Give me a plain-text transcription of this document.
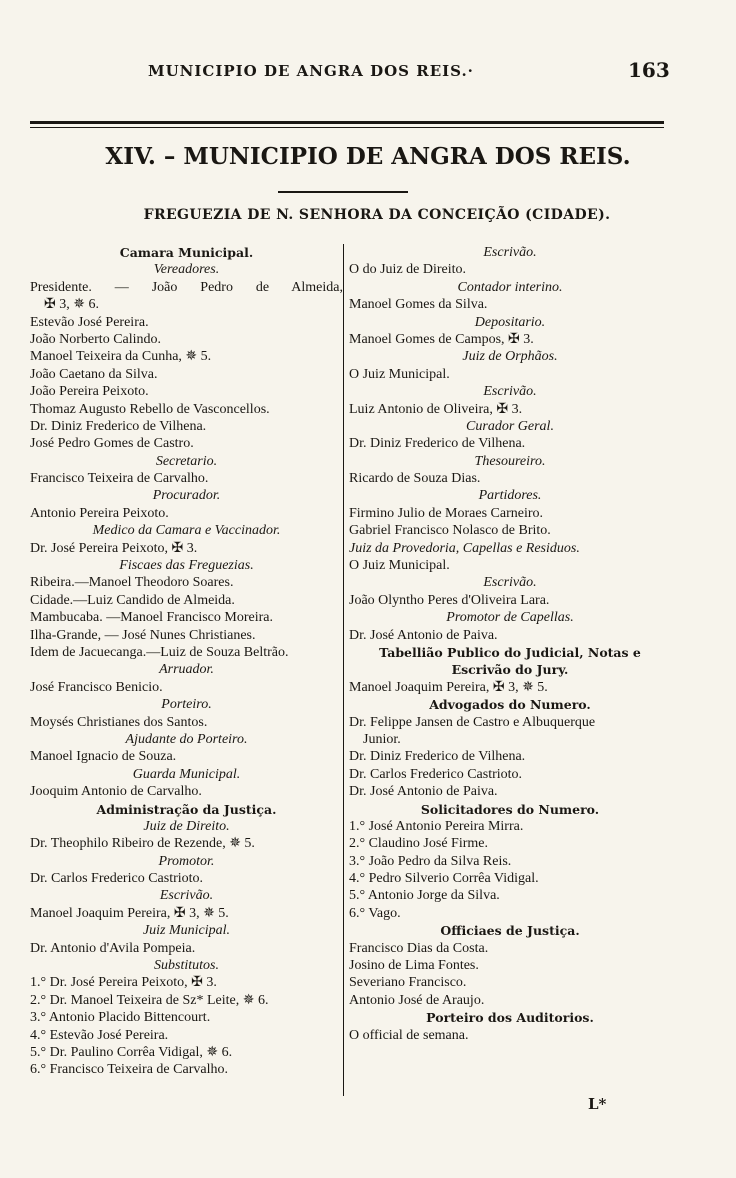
MUNICIPIO DE ANGRA DOS REIS.·	163
XIV. – MUNICIPIO DE ANGRA DOS REIS.
FREGUEZIA DE N. SENHORA DA CONCEIÇÃO (CIDADE).
Camara Municipal.
Vereadores.
Presidente. — João Pedro de Almeida,
✠ 3, ✵ 6.
Estevão José Pereira.
João Norberto Calindo.
Manoel Teixeira da Cunha, ✵ 5.
João Caetano da Silva.
João Pereira Peixoto.
Thomaz Augusto Rebello de Vasconcellos.
Dr. Diniz Frederico de Vilhena.
José Pedro Gomes de Castro.
Secretario.
Francisco Teixeira de Carvalho.
Procurador.
Antonio Pereira Peixoto.
Medico da Camara e Vaccinador.
Dr. José Pereira Peixoto, ✠ 3.
Fiscaes das Freguezias.
Ribeira.—Manoel Theodoro Soares.
Cidade.—Luiz Candido de Almeida.
Mambucaba. —Manoel Francisco Moreira.
Ilha-Grande, — José Nunes Christianes.
Idem de Jacuecanga.—Luiz de Souza Beltrão.
Arruador.
José Francisco Benicio.
Porteiro.
Moysés Christianes dos Santos.
Ajudante do Porteiro.
Manoel Ignacio de Souza.
Guarda Municipal.
Jooquim Antonio de Carvalho.
Administração da Justiça.
Juiz de Direito.
Dr. Theophilo Ribeiro de Rezende, ✵ 5.
Promotor.
Dr. Carlos Frederico Castrioto.
Escrivão.
Manoel Joaquim Pereira, ✠ 3, ✵ 5.
Juiz Municipal.
Dr. Antonio d'Avila Pompeia.
Substitutos.
1.° Dr. José Pereira Peixoto, ✠ 3.
2.° Dr. Manoel Teixeira de Sz* Leite, ✵ 6.
3.° Antonio Placido Bittencourt.
4.° Estevão José Pereira.
5.° Dr. Paulino Corrêa Vidigal, ✵ 6.
6.° Francisco Teixeira de Carvalho.
Escrivão.
O do Juiz de Direito.
Contador interino.
Manoel Gomes da Silva.
Depositario.
Manoel Gomes de Campos, ✠ 3.
Juiz de Orphãos.
O Juiz Municipal.
Escrivão.
Luiz Antonio de Oliveira, ✠ 3.
Curador Geral.
Dr. Diniz Frederico de Vilhena.
Thesoureiro.
Ricardo de Souza Dias.
Partidores.
Firmino Julio de Moraes Carneiro.
Gabriel Francisco Nolasco de Brito.
Juiz da Provedoria, Capellas e Residuos.
O Juiz Municipal.
Escrivão.
João Olyntho Peres d'Oliveira Lara.
Promotor de Capellas.
Dr. José Antonio de Paiva.
Tabellião Publico do Judicial, Notas e
Escrivão do Jury.
Manoel Joaquim Pereira, ✠ 3, ✵ 5.
Advogados do Numero.
Dr. Felippe Jansen de Castro e Albuquerque
Junior.
Dr. Diniz Frederico de Vilhena.
Dr. Carlos Frederico Castrioto.
Dr. José Antonio de Paiva.
Solicitadores do Numero.
1.° José Antonio Pereira Mirra.
2.° Claudino José Firme.
3.° João Pedro da Silva Reis.
4.° Pedro Silverio Corrêa Vidigal.
5.° Antonio Jorge da Silva.
6.° Vago.
Officiaes de Justiça.
Francisco Dias da Costa.
Josino de Lima Fontes.
Severiano Francisco.
Antonio José de Araujo.
Porteiro dos Auditorios.
O official de semana.
L*
